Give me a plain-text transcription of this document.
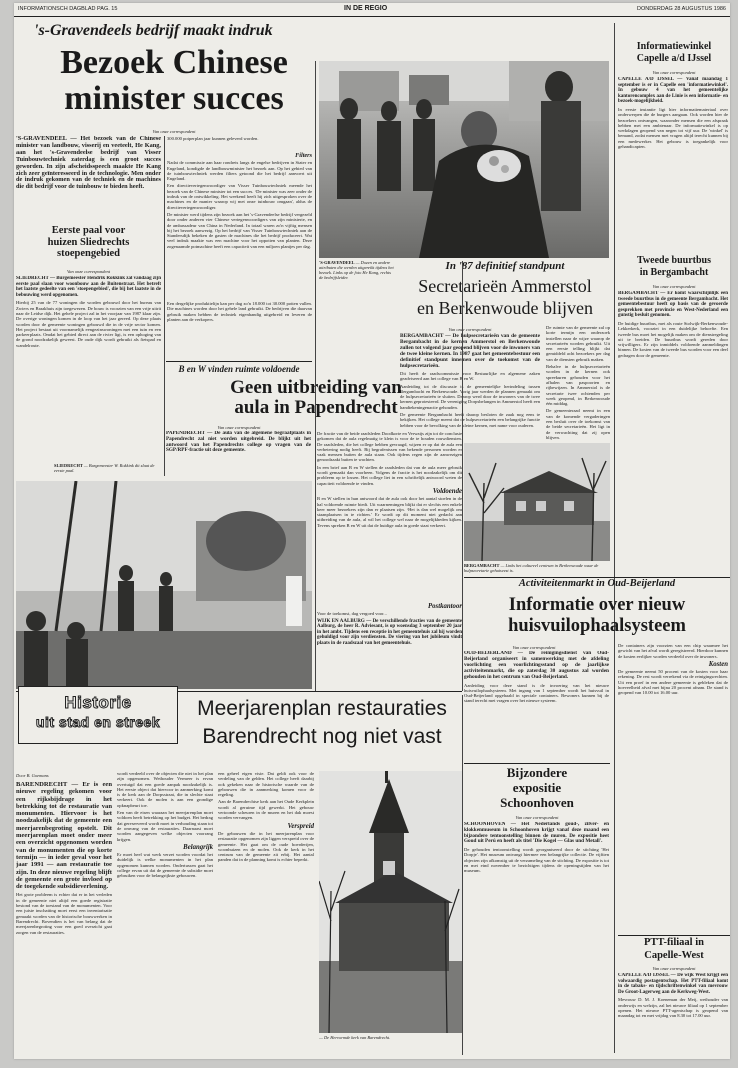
INFORMATIONSCH DAGBLAD PAG. 15	IN DE REGIO	DONDERDAG 28 AUGUSTUS 1986
's-Gravendeels bedrijf maakt indruk
Bezoek Chinese
minister succes
Van onze correspondent
'S-GRAVENDEEL — Het bezoek van de Chinese minister van landbouw, visserij en veeteelt, He Kang, aan het 's-Gravendeelse bedrijf van Visser Tuinbouwtechniek zaterdag is een groot succes geworden. In zijn afscheidsspeech maakte He Kang zich zeer geïnteresseerd in de technologie. Men onder de indruk gekomen van de techniek en de machines die dit bedrijf voor de tuinbouw te bieden heeft.

300.000 potperplan jaar kunnen geleverd worden.

Filters

Nadat de commissie aan haar rondreis langs de engelse bedrijven in Stater en Engeland, kondigde de landbouwminister het bezoek aan. Op het gebied van de tuinbouwtechniek werden filters getoond die het bedrijf aanvoert uit Engeland.

Een directievertegenwoordiger van Visser Tuinbouwtechniek meende het bezoek van de Chinese minister tot een succes. ‘De minister was zeer onder de indruk van de ontwikkeling. Het weekend heeft hij zich uitgesproken over de machines en de manier waarop wij met onze tuinbouw omgaan', aldus de directievertegenwoordiger.

De minister werd tijdens zijn bezoek aan het 's-Gravendeelse bedrijf vergezeld door onder anderen vier Chinese vertegenwoordigers van zijn ministerie, en de ambassadeur van China in Nederland. In totaal waren zo'n vijftig mensen bij het bezoek aanwezig. Op het bedrijf van Visser Tuinbouwtechniek aan de Standersdijk bekeken de gasten de machines die het bedrijf produceert. Wat veel indruk maakte was een machine voor het oppotten van planten. Deze zogenaamde potmachine heeft een capaciteit van een miljoen plantjes per dag.

Een dergelijke produktielijn kan per dag zo'n 18.000 tot 30.000 potten vullen. Die machines worden door het gehele land gebruikt. De bedrijven die daarvan gebruik maken hebben de techniek eigenhandig uitgebreid en leveren de planten aan de verkopers.

Eerste paal voor
huizen Sliedrechts
stoepengebied
Van onze correspondent

SLIEDRECHT — Burgemeester Hendrik Rokkink zal vandaag zijn eerste paal slaan voor woonbouw aan de Buitenstraat. Het betreft het laatste gedeelte van een 'stoepengebied', die bij het laatste in de bebouwing werd opgenomen.

Hierbij 25 van de 77 woningen die worden gebouwd door het bureau van Zwiers en Braakhuis zijn toegewezen. De bouw is voorzien van een vrije uitrit naar de Leidse dijk. Het gehele project zal in het voorjaar van 1987 klaar zijn. De overige woningen komen in de loop van het jaar gereed. Op deze plaats worden door de gemeente woningen gebouwd die in de vrije sector komen. Het project bestaat uit voornamelijk eengezinswoningen met een tuin en een parkeerplaats. Omdat het gebied direct aan de rivier ligt, is een ophoging van de grond noodzakelijk geweest. De oude dijk wordt gebruikt als fietspad en wandelroute.

B en W vinden ruimte voldoende
Geen uitbreiding van
aula in Papendrecht
Van onze correspondent
PAPENDRECHT — De aula van de algemene begraafplaats in Papendrecht zal niet worden uitgebreid. De blijkt uit het antwoord van het Papendrechts college op vragen van de SGP/RPF-fractie uit deze gemeente.

De fractie van de beide raadsleden Doodkorte en Verwaijs zijn tot de conclusie gekomen dat de aula regelmatig te klein is voor de te houden rouwdiensten. De raadsleden, die het college hebben gevraagd, wijzen er op dat de aula een verbetering nodig heeft. Bij begrafenissen van bekende personen worden er vaak mensen buiten de aula staan. Ook tijdens regen zijn de aanwezigen genoodzaakt buiten te wachten.

In een brief aan B en W stellen de raadsleden dat van de aula meer gebruik wordt gemaakt dan voorheen. Volgens de fractie is het noodzakelijk om dit probleem op te lossen. Het college liet in een schriftelijk antwoord weten de capaciteit voldoende te vinden.

Voldoende

B en W stellen in hun antwoord dat de aula ook door het aantal stoelen in de hal voldoende ruimte biedt. Uit waarnemingen blijkt dat er slechts een enkele keer meer bezoekers zijn dan er plaatsen zijn. ‘Het is dan wel mogelijk om staanplaatsen in te richten.’ Er wordt op dit moment niet gedacht aan uitbreiding van de aula, al wil het college wel naar de mogelijkheden kijken. Tevens spreken B en W uit dat de huidige aula in goede staat verkeert.

SLIEDRECHT — Burgemeester W. Rokkink dit slaat de eerste paal.
'S-GRAVENDEEL — Dozen en andere attributen die werden uitgereikt tijdens het bezoek. Links op de foto He Kang, rechts de bedrijfsleider.
In '87 definitief standpunt
Secretarieën Ammerstol
en Berkenwoude blijven
Van onze correspondent

BERGAMBACHT — De hulpsecretarieën van de gemeente Bergambacht in de kernen Ammerstol en Berkenwoude zullen tot volgend jaar geopend blijven voor de inwoners van de twee kleine kernen. In 1987 gaat het gemeentebestuur een definitief standpunt innemen over de toekomst van de hulpsecretarieën.

Dit heeft de raadscommissie voor Bestuurlijke en algemene zaken geadviseerd aan het college van B en W.

Aanleiding tot de discussie is de gemeentelijke herindeling tussen Bergambacht en Berkenwoude. Vorig jaar werden de plannen gemaakt om de hulpsecretarieën te sluiten. Daarop werd door de inwoners van de twee kernen geprotesteerd. De vereniging Dorpsbelangen in Ammerstol heeft een handtekeningenactie gehouden.

De gemeente Bergambacht heeft daarop besloten de zaak nog eens te bekijken. Het college meent dat de hulpsecretarieën een belangrijke functie hebben voor de bevolking van de kleine kernen, met name voor ouderen.

De ruimte van de gemeente zal op korte termijn een onderzoek instellen naar de wijze waarop de secretarieën worden gebruikt. Uit een eerste telling blijkt dat gemiddeld acht bezoekers per dag van de diensten gebruik maken.

Behalve in de hulpsecretarieën worden in de kernen ook spreekuren gehouden voor het afhalen van paspoorten en rijbewijzen. In Ammerstol is de secretarie twee ochtenden per week geopend, in Berkenwoude één middag.

De gemeenteraad neemt in een van de komende vergaderingen een besluit over de toekomst van de beide secretarieën. Het ligt in de verwachting dat zij open blijven.

BERGAMBACHT — Links het cultureel centrum in Berkenwoude waar de hulpsecretarie gehuisvest is.
Postkantoor

Voor de toekomst, dag vergoed voor...

WIJK EN AALBURG — De verschillende fracties van de gemeente Aalburg, de heer R. Adviesant, is op woensdag 3 september 20 jaar in het ambt. Tijdens een receptie in het gemeentehuis zal hij worden gehuldigd voor zijn verdiensten. De viering van het jubileum vindt plaats in de raadszaal van het gemeentehuis.

Informatiewinkel
Capelle a/d IJssel
Van onze correspondent

CAPELLE A/D IJSSEL — Vanaf maandag 1 september is er in Capelle een 'informatiewinkel'. In gebouw 4 van het gemeentelijke kantorencomplex aan de Linie is een informatie- en bezoek-mogelijkheid.

In eerste instantie ligt hier informatiemateriaal over onderwerpen die de burgers aangaan. Ook worden hier de bezoekers ontvangen, waaronder mensen die een afspraak hebben met een ambtenaar. De informatiewinkel is op werkdagen geopend van negen tot vijf uur. De 'winkel' is bemand, zodat mensen met vragen altijd terecht kunnen bij een medewerker. Het gebouw is toegankelijk voor gehandicapten.

Tweede buurtbus
in Bergambacht
Van onze correspondent

BERGAMBACHT — Er komt waarschijnlijk een tweede buurtbus in de gemeente Bergambacht. Het gemeentebestuur heeft op basis van de gevoerde gesprekken met provincie en West-Nederland een gunstig besluit genomen.

De huidige buurtbus, met als route Stolwijk-Berkenwoude-Lekkerkerk, voorziet in een duidelijke behoefte. Een tweede bus moet het mogelijk maken om de dienstregeling uit te breiden. De buurtbus wordt gereden door vrijwilligers. Er zijn inmiddels voldoende aanmeldingen binnen. De kosten van de tweede bus worden voor een deel gedragen door de gemeente.

Activiteitenmarkt in Oud-Beijerland
Informatie over nieuw
huisvuilophaalsysteem
Van onze correspondent

OUD-BEIJERLAND — De reinigingsdienst van Oud-Beijerland organiseert in samenwerking met de afdeling voorlichting een voorlichtingsstand op de jaarlijkse activiteitenmarkt, die op zaterdag 30 augustus zal worden gehouden in het centrum van Oud-Beijerland.

Aanleiding voor deze stand is de invoering van het nieuwe huisvuilophaalsysteem. Met ingang van 1 september wordt het huisvuil in Oud-Beijerland opgehaald in speciale containers. Bewoners kunnen bij de stand terecht met vragen over het nieuwe systeem.

De containers zijn voorzien van een chip waarmee het gewicht van het afval wordt geregistreerd. Hierdoor kunnen de kosten eerlijker worden verdeeld over de inwoners.

Kosten

De gemeente neemt 50 procent van de kosten voor haar rekening. De rest wordt verrekend via de reinigingsrechten. Uit een proef in een andere gemeente is gebleken dat de hoeveelheid afval met bijna 20 procent afnam. De stand is geopend van 10.00 tot 16.00 uur.

Bijzondere
expositie
Schoonhoven
Van onze correspondent

SCHOONHOVEN — Het Nederlands goud-, zilver- en klokkenmuseum in Schoonhoven krijgt vanaf deze maand een bijzondere tentoonstelling binnen de muren. De expositie heet Goud uit Perú en heeft als titel 'Die Kogel — Glas und Metall'.

De gehouden tentoonstelling wordt georganiseerd door de stichting 'Het Dorpje'. Het museum ontvangt hiermee een belangrijke collectie. De vijftien objecten zijn afkomstig uit de verzameling van de stichting. De expositie is tot en met eind november te bezichtigen tijdens de openingstijden van het museum.

PTT-filiaal in
Capelle-West
Van onze correspondent

CAPELLE A/D IJSSEL — De wijk West krijgt een volwaardig postagentschap. Het PTT-filiaal komt in de tabaks- en tijdschriftenwinkel van mevrouw De Groot-Lagerweg aan de Kerkweg-West.

Mevrouw D. M. J. Koeneman der Meij, wethouder van onderwijs en welzijn, zal het nieuwe filiaal op 1 september openen. Het nieuwe PTT-agentschap is geopend van maandag tot en met vrijdag van 8.30 tot 17.00 uur.

Historie
uit stad en streek
Meerjarenplan restauraties
Barendrecht nog niet vast
Door B. Goemans

BARENDRECHT — Er is een nieuwe regeling gekomen voor een rijksbijdrage in het betrekking tot de restauratie van monumenten. Hiervoor is het noodzakelijk dat de gemeente een meerjarenbegroting opstelt. Dit meerjarenplan moet onder meer een overzicht opgenomen worden van de monumenten die op korte termijn — in ieder geval voor het jaar 1991 — aan restauratie toe zijn. In deze nieuwe regeling blijft de gemeente een grote invloed op de toegekende subsidieverlening.

Het grote probleem is echter dat er in het verleden in de gemeente niet altijd een goede registratie bestond van de toestand van de monumenten. Voor een juiste inschatting moet eerst een inventarisatie gemaakt worden van de historische bouwwerken in Barendrecht. Bovendien is het van belang dat de meerjarenbegroting voor een goed overzicht gaat zorgen van de restauraties.

wordt verdeeld over de objecten die niet in het plan zijn opgenomen. Wethouder Vermeer is ervan overtuigd dat een goede aanpak noodzakelijk is. Het eerste object dat hiervoor in aanmerking komt is de kerk aan de Dorpsstraat, die in slechte staat verkeert. Ook de molen is aan een grondige opknapbeurt toe.

Een van de eisen waaraan het meerjarenplan moet voldoen heeft betrekking op het budget. Het bedrag dat gereserveerd wordt moet in verhouding staan tot de omvang van de restauraties. Daarnaast moet worden aangegeven welke objecten voorrang krijgen.

Belangrijk

Er moet heel wat werk verzet worden voordat het duidelijk is welke monumenten in het plan opgenomen kunnen worden. Ondertussen gaat het college ervan uit dat de gemeente de subsidie moet gebruiken voor de belangrijkste gebouwen.

een geheel eigen visie. Dat geldt ook voor de verdeling van de gelden. Het college heeft daarbij ook gekeken naar de historische waarde van de gebouwen die in aanmerking komen voor de regeling.

Aan de Barendrechtse kerk aan het Oude Kerkplein wordt al geruime tijd gewerkt. Het gebouw vertoonde scheuren in de muren en het dak moest worden vervangen.

Verspreid

De gebouwen die in het meerjarenplan voor restauratie opgenomen zijn liggen verspreid over de gemeente. Het gaat om de oude boerderijen, woonhuizen en de molen. Ook de kerk in het centrum van de gemeente zit erbij. Het aantal panden dat in de planning komt is echter beperkt.

— De Hervormde kerk van Barendrecht.
